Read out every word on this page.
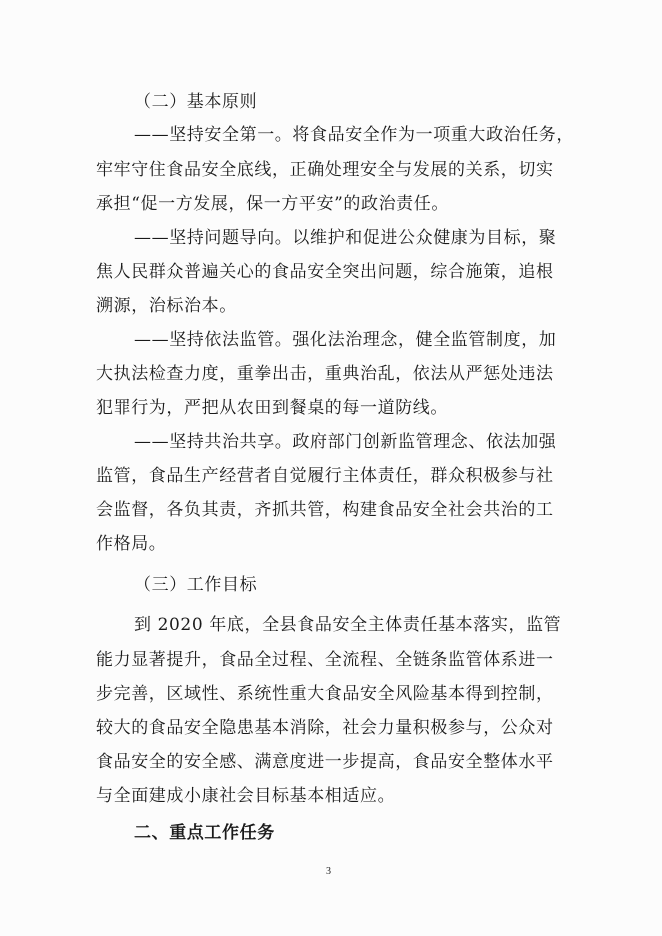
（二）基本原则
——坚持安全第一。将食品安全作为一项重大政治任务，
牢牢守住食品安全底线，正确处理安全与发展的关系，切实
承担“促一方发展，保一方平安”的政治责任。
——坚持问题导向。以维护和促进公众健康为目标，聚
焦人民群众普遍关心的食品安全突出问题，综合施策，追根
溯源，治标治本。
——坚持依法监管。强化法治理念，健全监管制度，加
大执法检查力度，重拳出击，重典治乱，依法从严惩处违法
犯罪行为，严把从农田到餐桌的每一道防线。
——坚持共治共享。政府部门创新监管理念、依法加强
监管，食品生产经营者自觉履行主体责任，群众积极参与社
会监督，各负其责，齐抓共管，构建食品安全社会共治的工
作格局。
（三）工作目标
到 2020 年底，全县食品安全主体责任基本落实，监管
能力显著提升，食品全过程、全流程、全链条监管体系进一
步完善，区域性、系统性重大食品安全风险基本得到控制，
较大的食品安全隐患基本消除，社会力量积极参与，公众对
食品安全的安全感、满意度进一步提高，食品安全整体水平
与全面建成小康社会目标基本相适应。
二、重点工作任务
3
